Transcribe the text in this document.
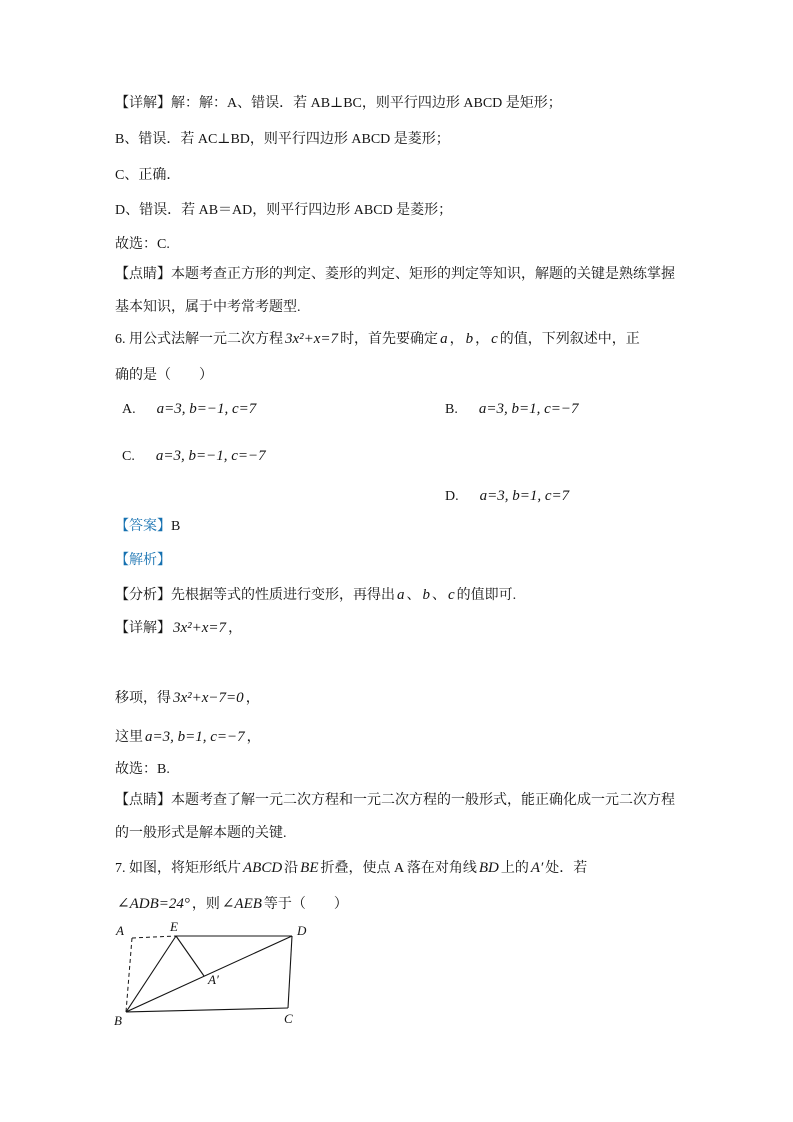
【详解】解：解：A、错误．若 AB⊥BC，则平行四边形 ABCD 是矩形；
B、错误．若 AC⊥BD，则平行四边形 ABCD 是菱形；
C、正确．
D、错误．若 AB＝AD，则平行四边形 ABCD 是菱形；
故选：C.
【点睛】本题考查正方形的判定、菱形的判定、矩形的判定等知识，解题的关键是熟练掌握
基本知识，属于中考常考题型.
6. 用公式法解一元二次方程 3x²+x=7 时，首先要确定 a ， b ， c 的值，下列叙述中，正
确的是（　　）
A.  a=3, b=−1, c=7	B.  a=3, b=1, c=−7
C.  a=3, b=−1, c=−7
D.  a=3, b=1, c=7
【答案】B
【解析】
【分析】先根据等式的性质进行变形，再得出 a 、 b 、 c 的值即可.
【详解】 3x²+x=7 ，
移项，得 3x²+x−7=0 ，
这里 a=3, b=1, c=−7 ，
故选：B.
【点睛】本题考查了解一元二次方程和一元二次方程的一般形式，能正确化成一元二次方程
的一般形式是解本题的关键.
7. 如图，将矩形纸片 ABCD 沿 BE 折叠，使点 A 落在对角线 BD 上的 A′ 处．若
∠ADB=24° ，则 ∠AEB 等于（　　）
A	E	D
B	C
A′
